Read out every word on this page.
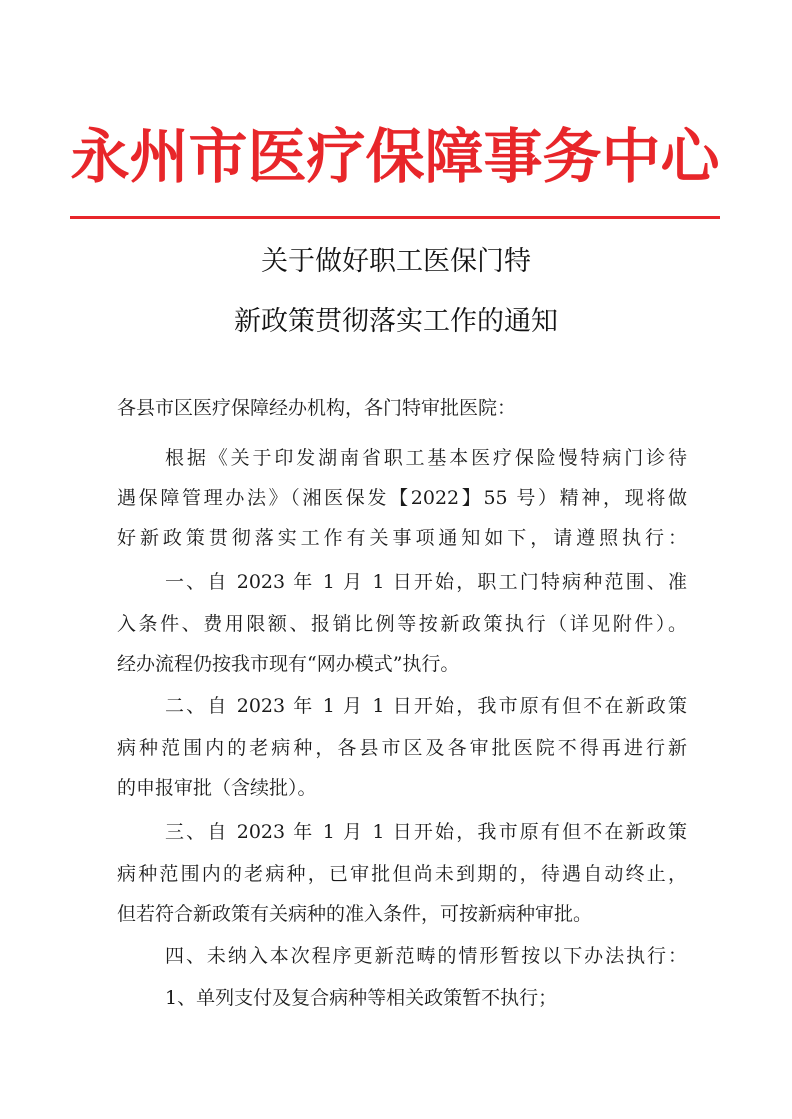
永州市医疗保障事务中心
关于做好职工医保门特
新政策贯彻落实工作的通知

各县市区医疗保障经办机构，各门特审批医院：

根据《关于印发湖南省职工基本医疗保险慢特病门诊待

遇保障管理办法》（湘医保发【2022】55 号）精神，现将做

好新政策贯彻落实工作有关事项通知如下，请遵照执行：

一、自 2023 年 1 月 1 日开始，职工门特病种范围、准

入条件、费用限额、报销比例等按新政策执行（详见附件）。

经办流程仍按我市现有“网办模式”执行。

二、自 2023 年 1 月 1 日开始，我市原有但不在新政策

病种范围内的老病种，各县市区及各审批医院不得再进行新

的申报审批（含续批）。

三、自 2023 年 1 月 1 日开始，我市原有但不在新政策

病种范围内的老病种，已审批但尚未到期的，待遇自动终止，

但若符合新政策有关病种的准入条件，可按新病种审批。

四、未纳入本次程序更新范畴的情形暂按以下办法执行：

1、单列支付及复合病种等相关政策暂不执行；
